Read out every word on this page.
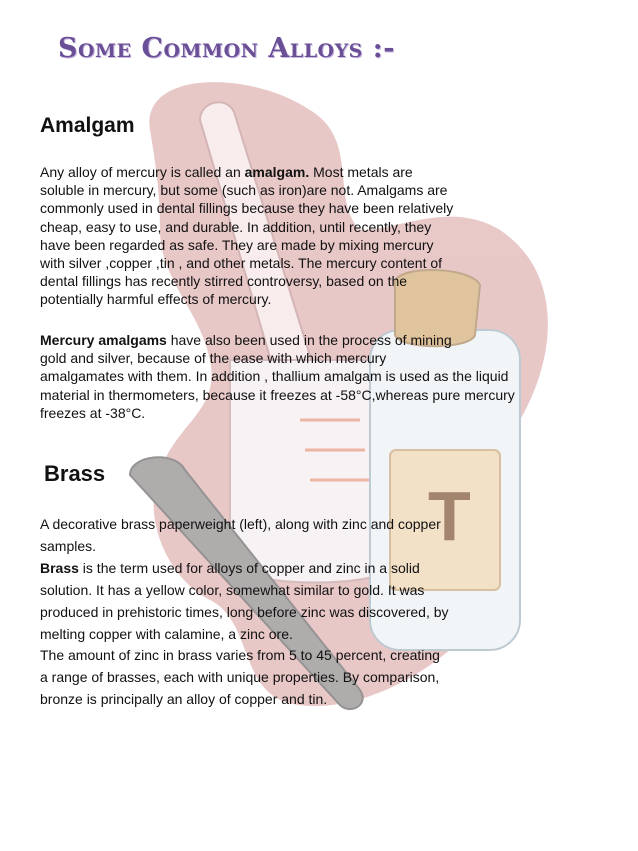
T
Some Common Alloys :-
Amalgam
Any alloy of mercury is called an amalgam. Most metals are
soluble in mercury, but some (such as iron)are not. Amalgams are
commonly used in dental fillings because they have been relatively
cheap, easy to use, and durable. In addition, until recently, they
have been regarded as safe. They are made by mixing mercury
with silver ,copper ,tin , and other metals. The mercury content of
dental fillings has recently stirred controversy, based on the
potentially harmful effects of mercury.
Mercury amalgams have also been used in the process of mining
gold and silver, because of the ease with which mercury
amalgamates with them. In addition , thallium amalgam is used as the liquid
material in thermometers, because it freezes at -58°C,whereas pure mercury
freezes at -38°C.
Brass
A decorative brass paperweight (left), along with zinc and copper
samples.
Brass is the term used for alloys of copper and zinc in a solid
solution. It has a yellow color, somewhat similar to gold. It was
produced in prehistoric times, long before zinc was discovered, by
melting copper with calamine, a zinc ore.
The amount of zinc in brass varies from 5 to 45 percent, creating
a range of brasses, each with unique properties. By comparison,
bronze is principally an alloy of copper and tin.
